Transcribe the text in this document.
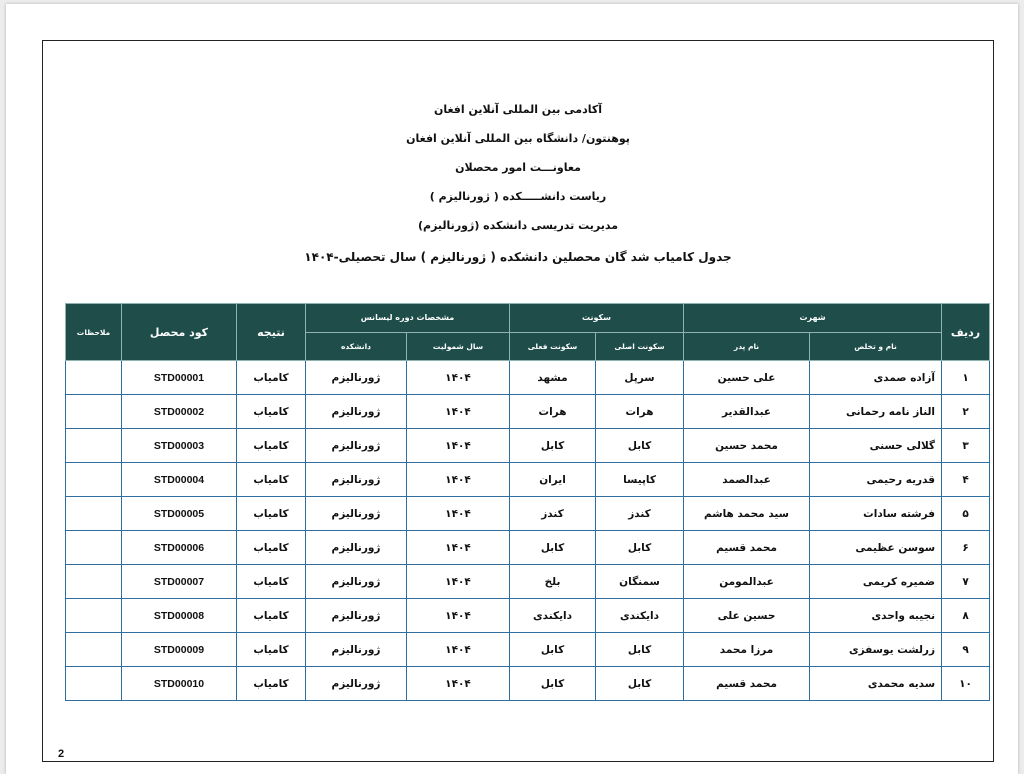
آکادمی بین المللی آنلاین افغان
پوهنتون/ دانشگاه بین المللی آنلاین افغان
معاونـــت امور محصلان
ریاست دانشـــــکده ( ژورنالیزم )
مدیریت تدریسی دانشکده (ژورنالیزم)
جدول کامیاب شد گان محصلین دانشکده ( ژورنالیزم ) سال تحصیلی-۱۴۰۴
ردیف	شهرت		سکونت		مشخصات دوره لیسانس		نتیجه	کود محصل	ملاحظات
	نام و تخلص	نام پدر	سکونت اصلی	سکونت فعلی	سال شمولیت	دانشکده			
۱	آزاده صمدی	علی حسین	سرپل	مشهد	۱۴۰۴	ژورنالیزم	کامیاب	STD00001	
۲	الناز نامه رحمانی	عبدالقدیر	هرات	هرات	۱۴۰۴	ژورنالیزم	کامیاب	STD00002	
۳	گلالی حسنی	محمد حسین	کابل	کابل	۱۴۰۴	ژورنالیزم	کامیاب	STD00003	
۴	قدریه رحیمی	عبدالصمد	کاپیسا	ایران	۱۴۰۴	ژورنالیزم	کامیاب	STD00004	
۵	فرشته سادات	سید محمد هاشم	کندز	کندز	۱۴۰۴	ژورنالیزم	کامیاب	STD00005	
۶	سوسن عظیمی	محمد قسیم	کابل	کابل	۱۴۰۴	ژورنالیزم	کامیاب	STD00006	
۷	ضمیره کریمی	عبدالمومن	سمنگان	بلخ	۱۴۰۴	ژورنالیزم	کامیاب	STD00007	
۸	نجیبه واحدی	حسین علی	دایکندی	دایکندی	۱۴۰۴	ژورنالیزم	کامیاب	STD00008	
۹	زرلشت یوسفزی	مرزا محمد	کابل	کابل	۱۴۰۴	ژورنالیزم	کامیاب	STD00009	
۱۰	سدیه محمدی	محمد قسیم	کابل	کابل	۱۴۰۴	ژورنالیزم	کامیاب	STD00010	
2
